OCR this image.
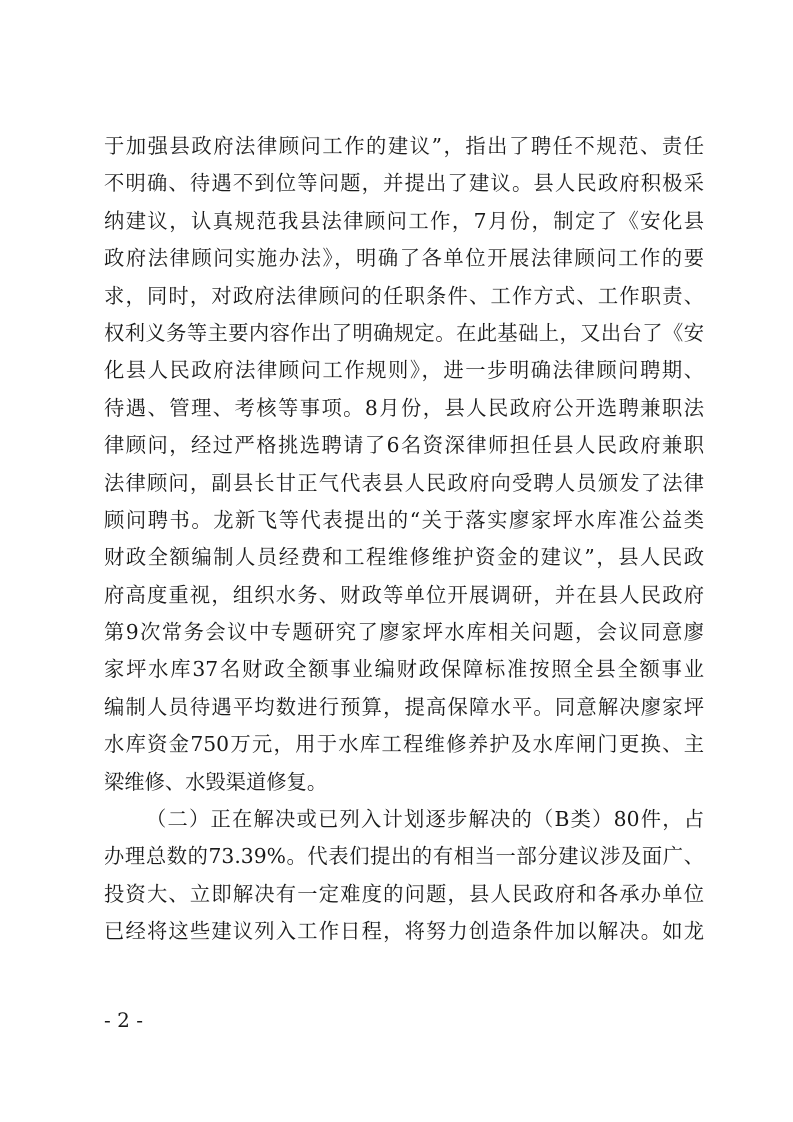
于加强县政府法律顾问工作的建议”，指出了聘任不规范、责任
不明确、待遇不到位等问题，并提出了建议。县人民政府积极采
纳建议，认真规范我县法律顾问工作，7月份，制定了《安化县
政府法律顾问实施办法》，明确了各单位开展法律顾问工作的要
求，同时，对政府法律顾问的任职条件、工作方式、工作职责、
权利义务等主要内容作出了明确规定。在此基础上，又出台了《安
化县人民政府法律顾问工作规则》，进一步明确法律顾问聘期、
待遇、管理、考核等事项。8月份，县人民政府公开选聘兼职法
律顾问，经过严格挑选聘请了6名资深律师担任县人民政府兼职
法律顾问，副县长甘正气代表县人民政府向受聘人员颁发了法律
顾问聘书。龙新飞等代表提出的“关于落实廖家坪水库准公益类
财政全额编制人员经费和工程维修维护资金的建议”，县人民政
府高度重视，组织水务、财政等单位开展调研，并在县人民政府
第9次常务会议中专题研究了廖家坪水库相关问题，会议同意廖
家坪水库37名财政全额事业编财政保障标准按照全县全额事业
编制人员待遇平均数进行预算，提高保障水平。同意解决廖家坪
水库资金750万元，用于水库工程维修养护及水库闸门更换、主
梁维修、水毁渠道修复。
（二）正在解决或已列入计划逐步解决的（B类）80件，占
办理总数的73.39%。代表们提出的有相当一部分建议涉及面广、
投资大、立即解决有一定难度的问题，县人民政府和各承办单位
已经将这些建议列入工作日程，将努力创造条件加以解决。如龙
- 2 -
